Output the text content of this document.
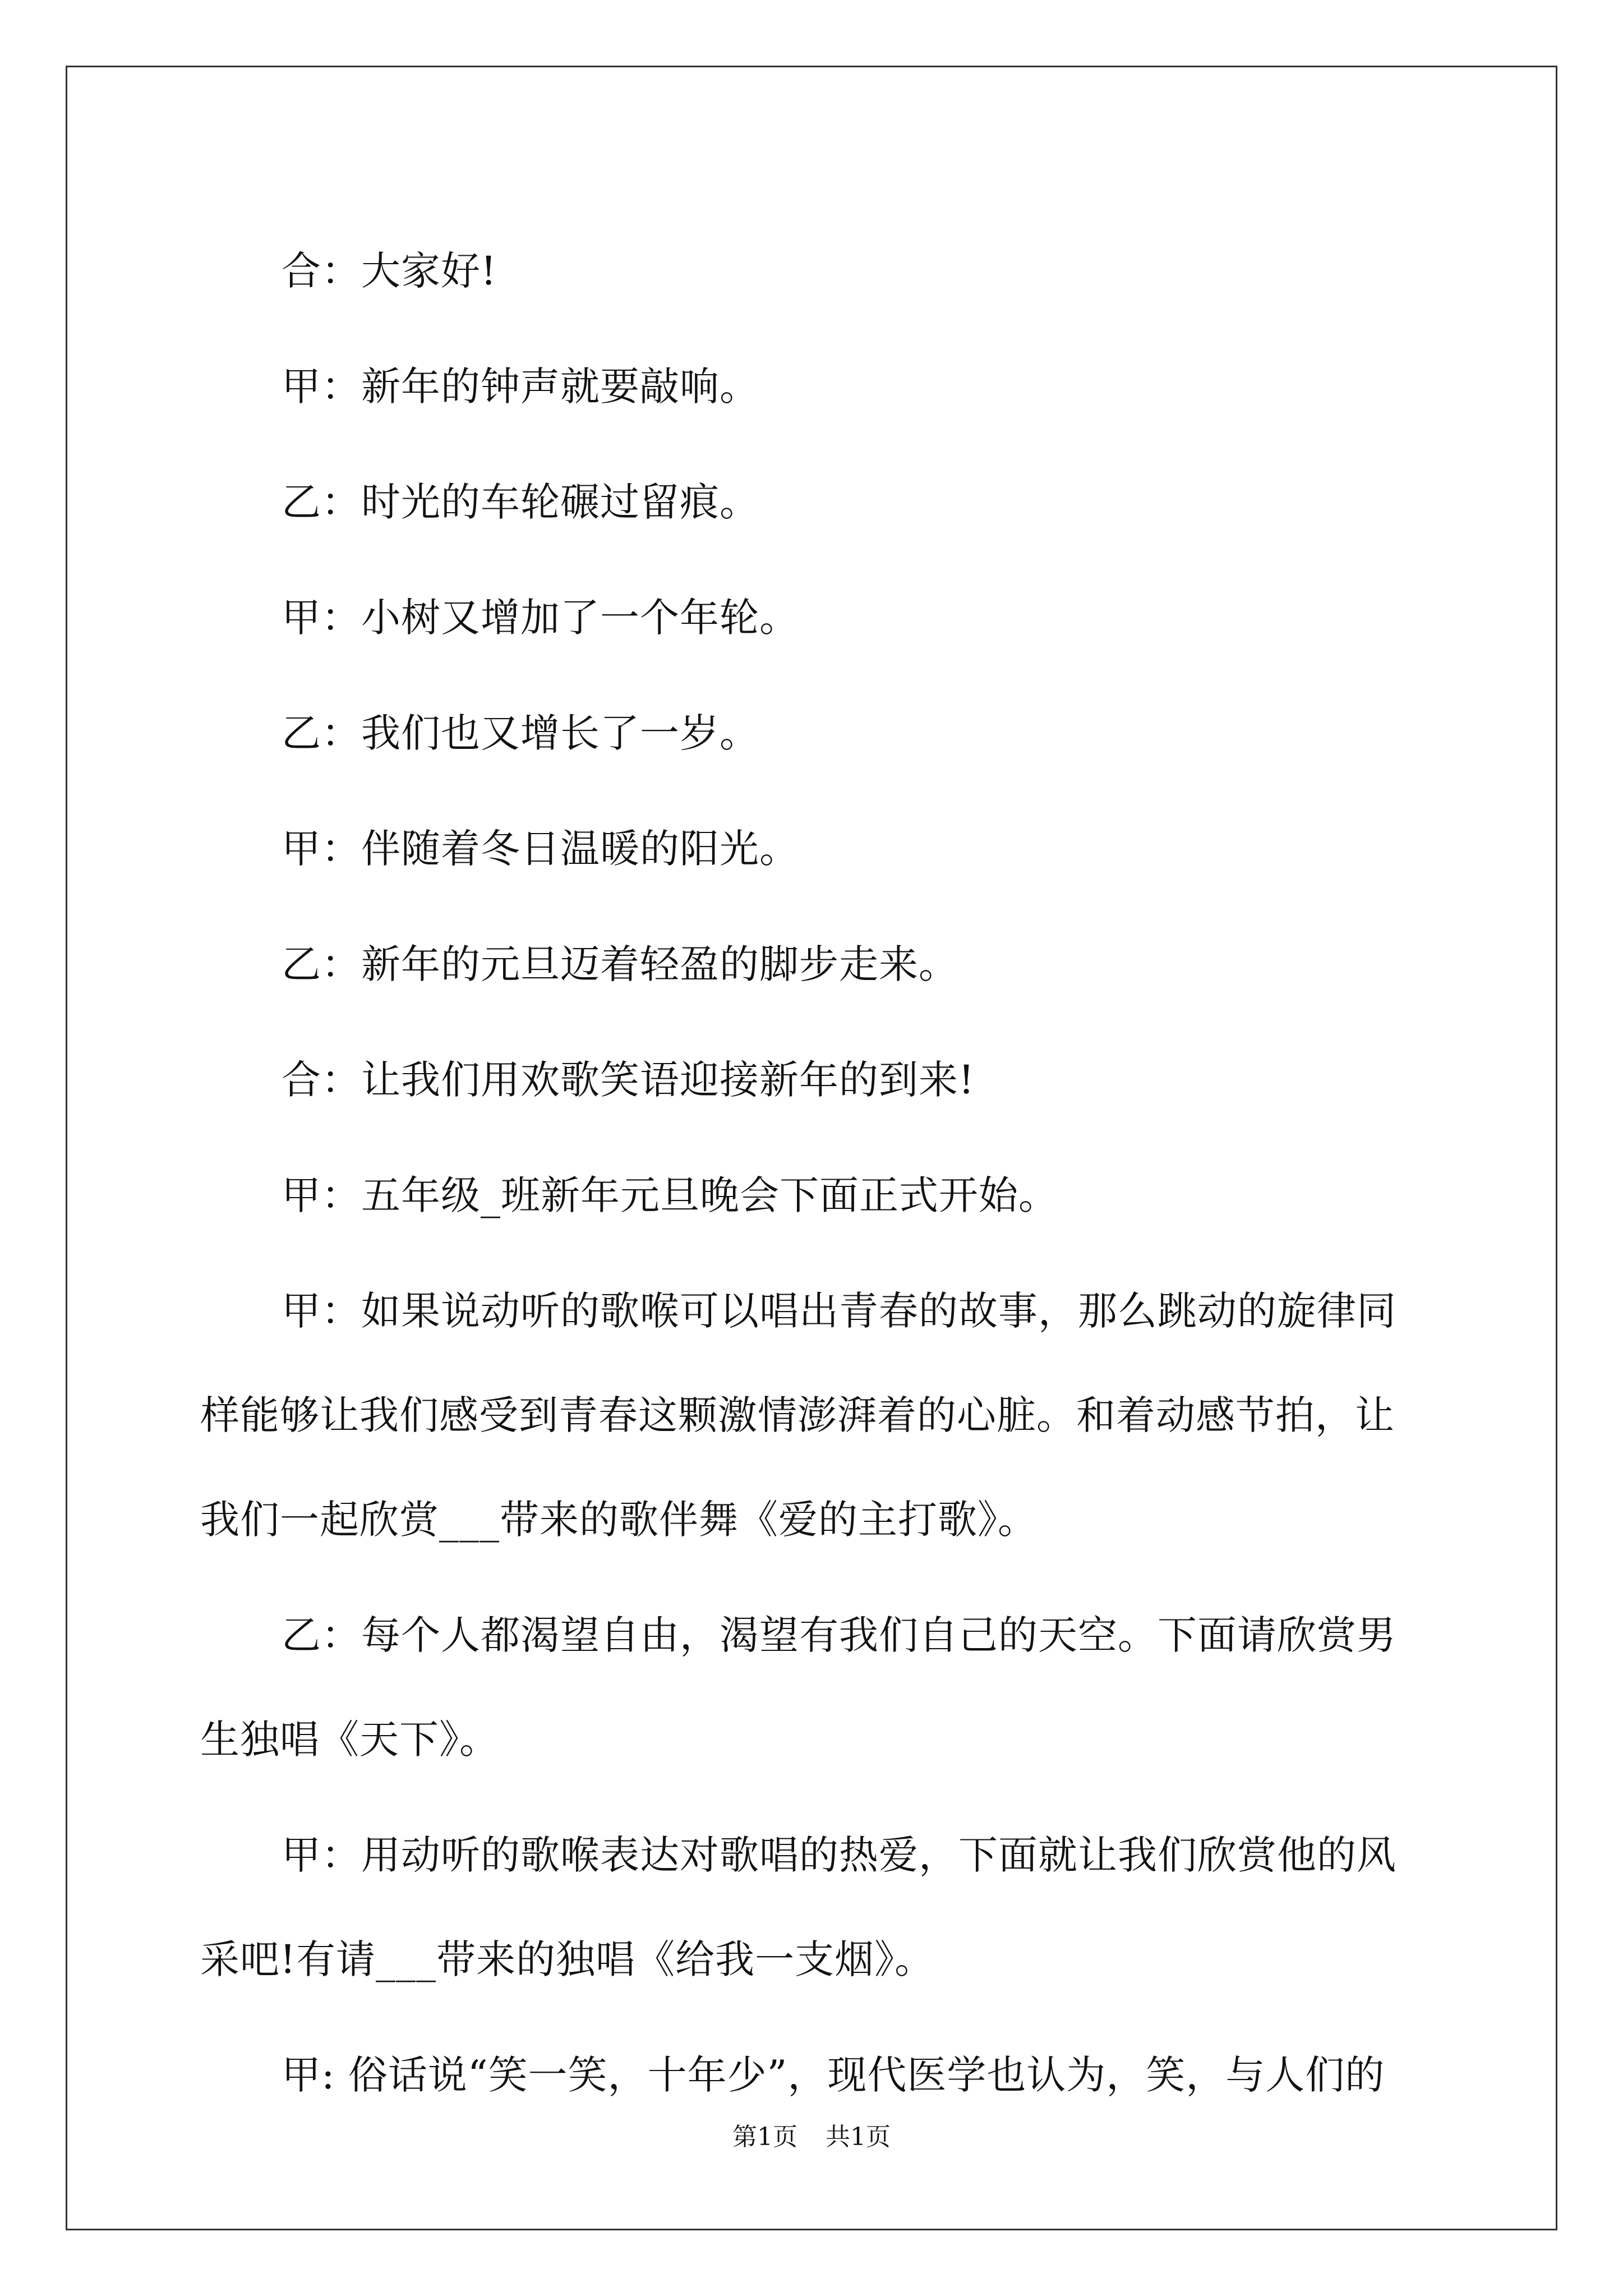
合：大家好!

甲：新年的钟声就要敲响。

乙：时光的车轮碾过留痕。

甲：小树又增加了一个年轮。

乙：我们也又增长了一岁。

甲：伴随着冬日温暖的阳光。

乙：新年的元旦迈着轻盈的脚步走来。

合：让我们用欢歌笑语迎接新年的到来!

甲：五年级_班新年元旦晚会下面正式开始。

甲：如果说动听的歌喉可以唱出青春的故事，那么跳动的旋律同样能够让我们感受到青春这颗激情澎湃着的心脏。和着动感节拍，让我们一起欣赏___带来的歌伴舞《爱的主打歌》。

乙：每个人都渴望自由，渴望有我们自己的天空。下面请欣赏男生独唱《天下》。

甲：用动听的歌喉表达对歌唱的热爱，下面就让我们欣赏他的风采吧!有请___带来的独唱《给我一支烟》。

甲: 俗话说“笑一笑，十年少”，现代医学也认为，笑，与人们的

第1页 共1页
